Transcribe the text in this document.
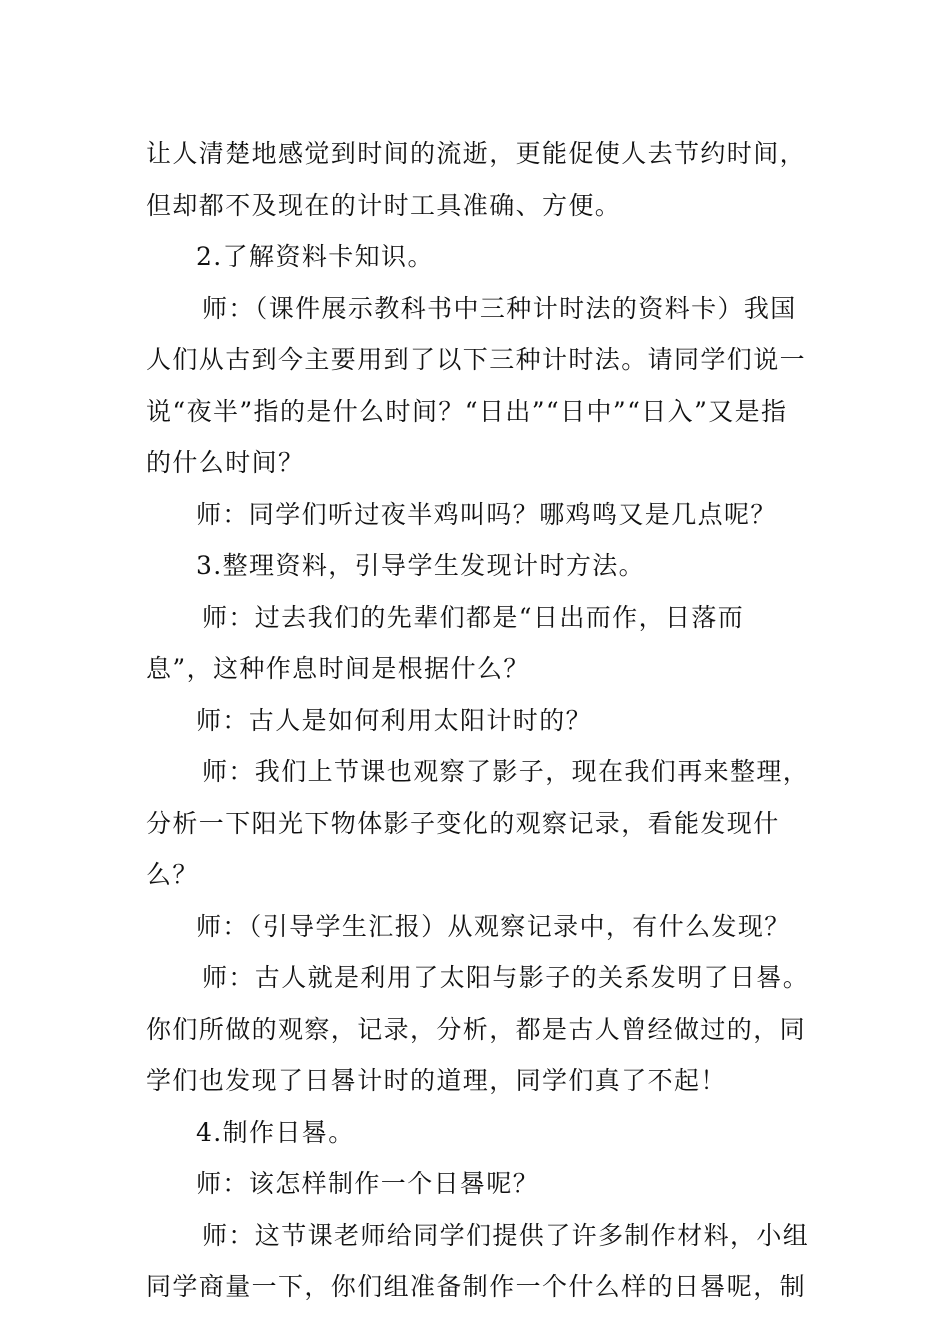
让人清楚地感觉到时间的流逝，更能促使人去节约时间，但却都不及现在的计时工具准确、方便。

2.了解资料卡知识。

师：（课件展示教科书中三种计时法的资料卡）我国人们从古到今主要用到了以下三种计时法。请同学们说一说“夜半”指的是什么时间？“日出”“日中”“日入”又是指的什么时间？

师：同学们听过夜半鸡叫吗？哪鸡鸣又是几点呢？

3.整理资料，引导学生发现计时方法。

师：过去我们的先辈们都是“日出而作，日落而息”，这种作息时间是根据什么？

师：古人是如何利用太阳计时的？

师：我们上节课也观察了影子，现在我们再来整理，分析一下阳光下物体影子变化的观察记录，看能发现什么？

师：（引导学生汇报）从观察记录中，有什么发现？

师：古人就是利用了太阳与影子的关系发明了日晷。你们所做的观察，记录，分析，都是古人曾经做过的，同学们也发现了日晷计时的道理，同学们真了不起！

4.制作日晷。

师：该怎样制作一个日晷呢？

师：这节课老师给同学们提供了许多制作材料，小组同学商量一下，你们组准备制作一个什么样的日晷呢，制
